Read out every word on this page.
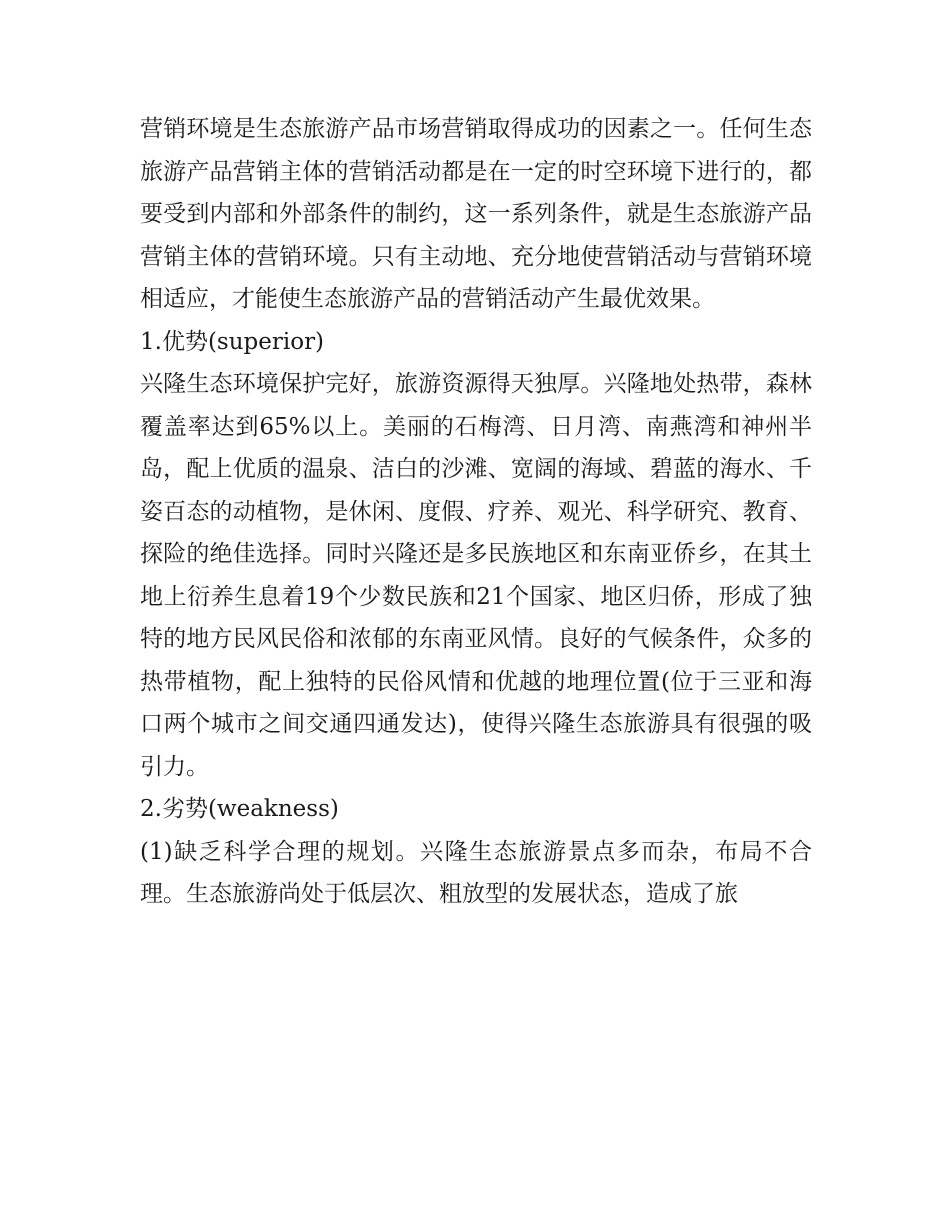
营销环境是生态旅游产品市场营销取得成功的因素之一。任何生态旅游产品营销主体的营销活动都是在一定的时空环境下进行的，都要受到内部和外部条件的制约，这一系列条件，就是生态旅游产品营销主体的营销环境。只有主动地、充分地使营销活动与营销环境相适应，才能使生态旅游产品的营销活动产生最优效果。

1.优势(superior)

兴隆生态环境保护完好，旅游资源得天独厚。兴隆地处热带，森林覆盖率达到65%以上。美丽的石梅湾、日月湾、南燕湾和神州半岛，配上优质的温泉、洁白的沙滩、宽阔的海域、碧蓝的海水、千姿百态的动植物，是休闲、度假、疗养、观光、科学研究、教育、探险的绝佳选择。同时兴隆还是多民族地区和东南亚侨乡，在其土地上衍养生息着19个少数民族和21个国家、地区归侨，形成了独特的地方民风民俗和浓郁的东南亚风情。良好的气候条件，众多的热带植物，配上独特的民俗风情和优越的地理位置(位于三亚和海口两个城市之间交通四通发达)，使得兴隆生态旅游具有很强的吸引力。

2.劣势(weakness)

(1)缺乏科学合理的规划。兴隆生态旅游景点多而杂，布局不合理。生态旅游尚处于低层次、粗放型的发展状态，造成了旅
